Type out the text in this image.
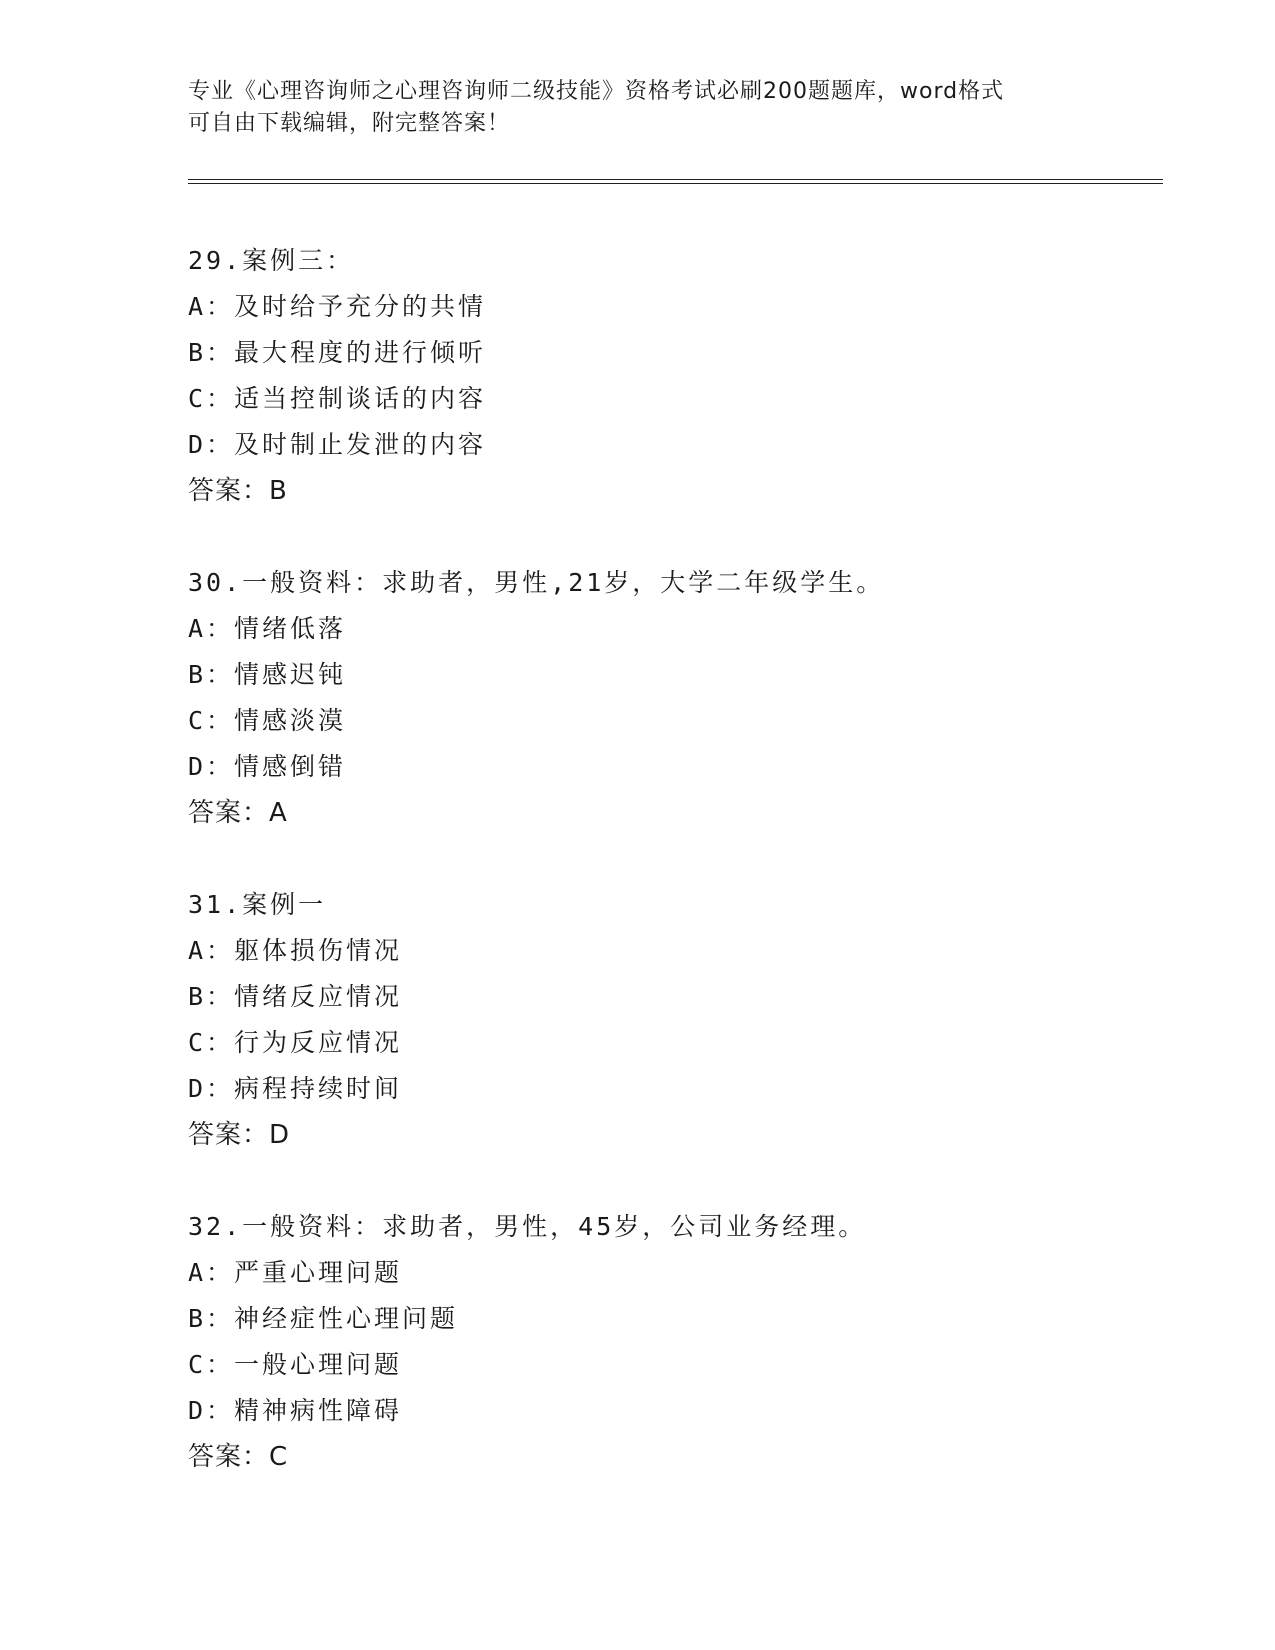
专业《心理咨询师之心理咨询师二级技能》资格考试必刷200题题库，word格式
可自由下载编辑，附完整答案！
29.案例三：
A：及时给予充分的共情
B：最大程度的进行倾听
C：适当控制谈话的内容
D：及时制止发泄的内容
答案：B
30.一般资料：求助者，男性,21岁，大学二年级学生。
A：情绪低落
B：情感迟钝
C：情感淡漠
D：情感倒错
答案：A
31.案例一
A：躯体损伤情况
B：情绪反应情况
C：行为反应情况
D：病程持续时间
答案：D
32.一般资料：求助者，男性，45岁，公司业务经理。
A：严重心理问题
B：神经症性心理问题
C：一般心理问题
D：精神病性障碍
答案：C
